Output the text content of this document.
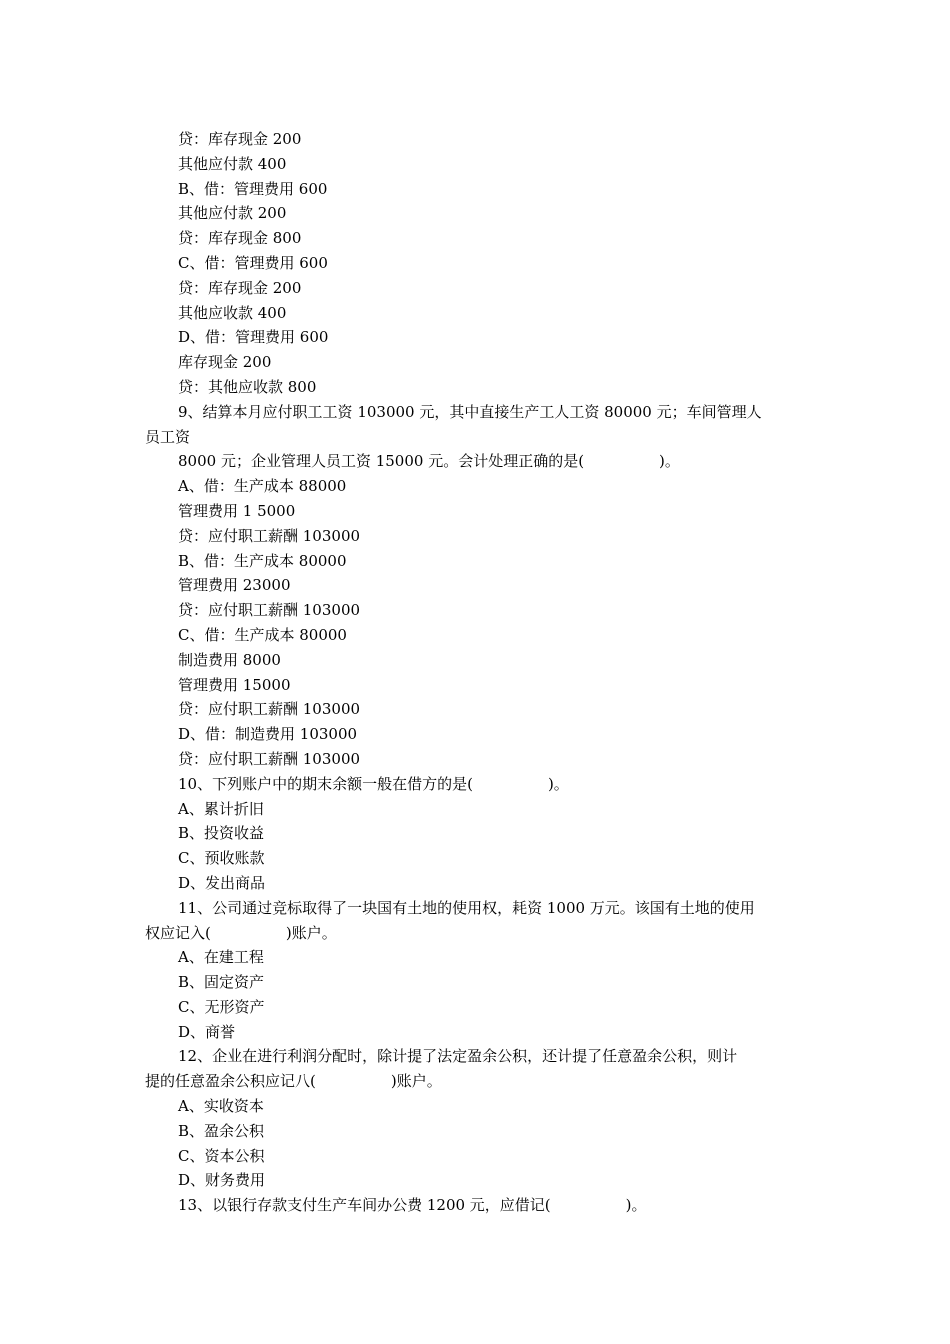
贷：库存现金 200
其他应付款 400
B、借：管理费用 600
其他应付款 200
贷：库存现金 800
C、借：管理费用 600
贷：库存现金 200
其他应收款 400
D、借：管理费用 600
库存现金 200
贷：其他应收款 800
9、结算本月应付职工工资 103000 元，其中直接生产工人工资 80000 元；车间管理人
员工资
8000 元；企业管理人员工资 15000 元。会计处理正确的是(　　　　　)。
A、借：生产成本 88000
管理费用 1 5000
贷：应付职工薪酬 103000
B、借：生产成本 80000
管理费用 23000
贷：应付职工薪酬 103000
C、借：生产成本 80000
制造费用 8000
管理费用 15000
贷：应付职工薪酬 103000
D、借：制造费用 103000
贷：应付职工薪酬 103000
10、下列账户中的期末余额一般在借方的是(　　　　　)。
A、累计折旧
B、投资收益
C、预收账款
D、发出商品
11、公司通过竞标取得了一块国有土地的使用权，耗资 1000 万元。该国有土地的使用
权应记入(　　　　　)账户。
A、在建工程
B、固定资产
C、无形资产
D、商誉
12、企业在进行利润分配时，除计提了法定盈余公积，还计提了任意盈余公积，则计
提的任意盈余公积应记八(　　　　　)账户。
A、实收资本
B、盈余公积
C、资本公积
D、财务费用
13、以银行存款支付生产车间办公费 1200 元，应借记(　　　　　)。
